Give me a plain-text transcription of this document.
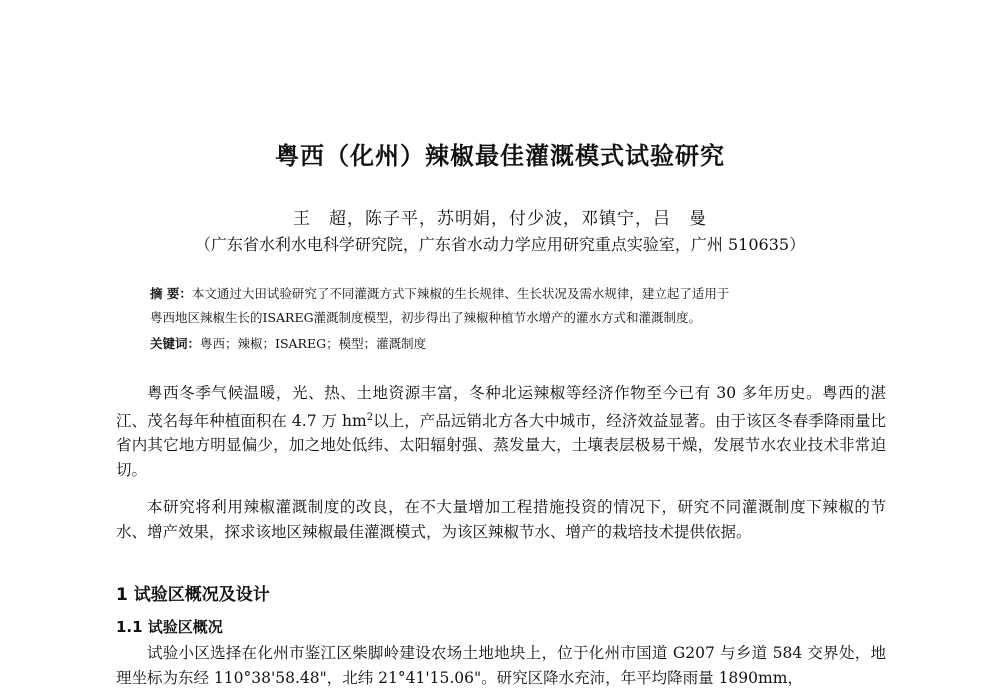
粤西（化州）辣椒最佳灌溉模式试验研究
王　超，陈子平，苏明娟，付少波，邓镇宁，吕　曼
（广东省水利水电科学研究院，广东省水动力学应用研究重点实验室，广州 510635）
摘 要：本文通过大田试验研究了不同灌溉方式下辣椒的生长规律、生长状况及需水规律，建立起了适用于
粤西地区辣椒生长的ISAREG灌溉制度模型，初步得出了辣椒种植节水增产的灌水方式和灌溉制度。
关键词：粤西；辣椒；ISAREG；模型；灌溉制度
粤西冬季气候温暖，光、热、土地资源丰富，冬种北运辣椒等经济作物至今已有 30 多年历史。粤西的湛江、茂名每年种植面积在 4.7 万 $hm^2$以上，产品远销北方各大中城市，经济效益显著。由于该区冬春季降雨量比省内其它地方明显偏少，加之地处低纬、太阳辐射强、蒸发量大，土壤表层极易干燥，发展节水农业技术非常迫切。
本研究将利用辣椒灌溉制度的改良，在不大量增加工程措施投资的情况下，研究不同灌溉制度下辣椒的节水、增产效果，探求该地区辣椒最佳灌溉模式，为该区辣椒节水、增产的栽培技术提供依据。
1 试验区概况及设计
1.1 试验区概况
试验小区选择在化州市鉴江区柴脚岭建设农场土地地块上，位于化州市国道 G207 与乡道 584 交界处，地理坐标为东经 110°38'58.48"，北纬 21°41'15.06"。研究区降水充沛，年平均降雨量 1890mm，
